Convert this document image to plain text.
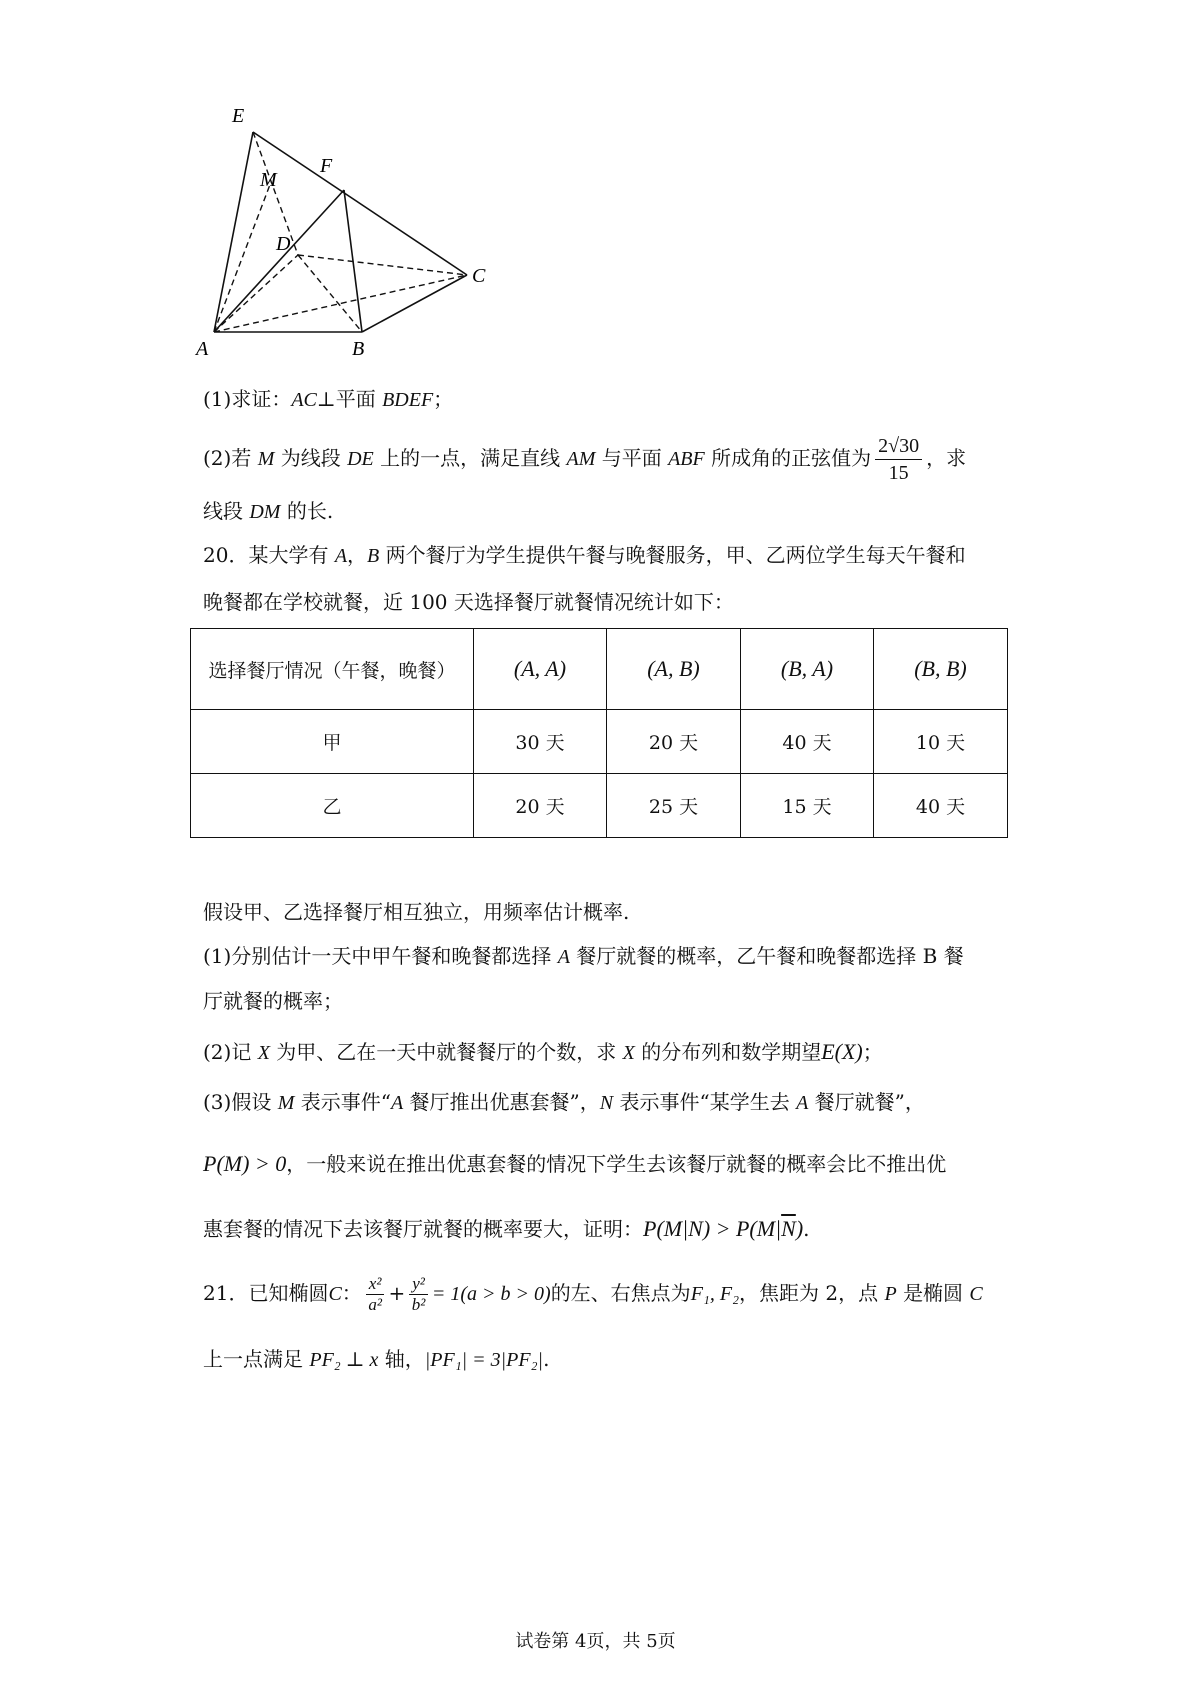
E
M
F
D
C
A	B
(1)求证：AC⊥平面 BDEF；
(2)若 M 为线段 DE 上的一点，满足直线 AM 与平面 ABF 所成角的正弦值为 $\frac{2√30}{15}$ ，求
线段 DM 的长.
20．某大学有 A，B 两个餐厅为学生提供午餐与晚餐服务，甲、乙两位学生每天午餐和
晚餐都在学校就餐，近 100 天选择餐厅就餐情况统计如下：
选择餐厅情况（午餐，晚餐）	(A, A)	(A, B)	(B, A)	(B, B)
甲	30 天	20 天	40 天	10 天
乙	20 天	25 天	15 天	40 天
假设甲、乙选择餐厅相互独立，用频率估计概率.
(1)分别估计一天中甲午餐和晚餐都选择 A 餐厅就餐的概率，乙午餐和晚餐都选择 B 餐
厅就餐的概率；
(2)记 X 为甲、乙在一天中就餐餐厅的个数，求 X 的分布列和数学期望E(X)；
(3)假设 M 表示事件“A 餐厅推出优惠套餐”，N 表示事件“某学生去 A 餐厅就餐”，
P(M) > 0，一般来说在推出优惠套餐的情况下学生去该餐厅就餐的概率会比不推出优
惠套餐的情况下去该餐厅就餐的概率要大，证明：$P(M|N) > P(M|\overline{N})$.
21．已知椭圆C： $\frac{\text{x²}}{\text{a²}} + \frac{\text{y²}}{\text{b²}} = 1(a > b > 0)$的左、右焦点为F₁, F₂，焦距为 2，点 P 是椭圆 C
上一点满足 PF₂ ⊥ x 轴，|PF₁| = 3|PF₂|.
试卷第 4页，共 5页
